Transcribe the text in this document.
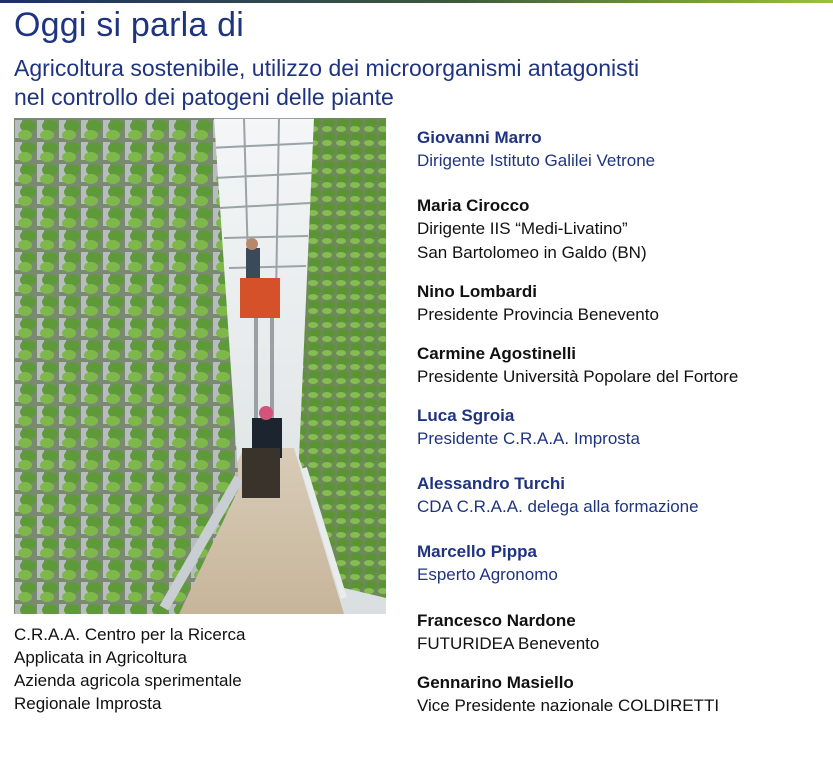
Oggi si parla di
Agricoltura sostenibile, utilizzo dei microorganismi antagonisti
nel controllo dei patogeni delle piante
C.R.A.A. Centro per la Ricerca
Applicata in Agricoltura
Azienda agricola sperimentale
Regionale Improsta
Giovanni Marro
Dirigente Istituto Galilei Vetrone
Maria Cirocco
Dirigente IIS “Medi-Livatino”
San Bartolomeo in Galdo (BN)
Nino Lombardi
Presidente Provincia Benevento
Carmine Agostinelli
Presidente Università Popolare del Fortore
Luca Sgroia
Presidente C.R.A.A. Improsta
Alessandro Turchi
CDA C.R.A.A. delega alla formazione
Marcello Pippa
Esperto Agronomo
Francesco Nardone
FUTURIDEA Benevento
Gennarino Masiello
Vice Presidente nazionale COLDIRETTI
